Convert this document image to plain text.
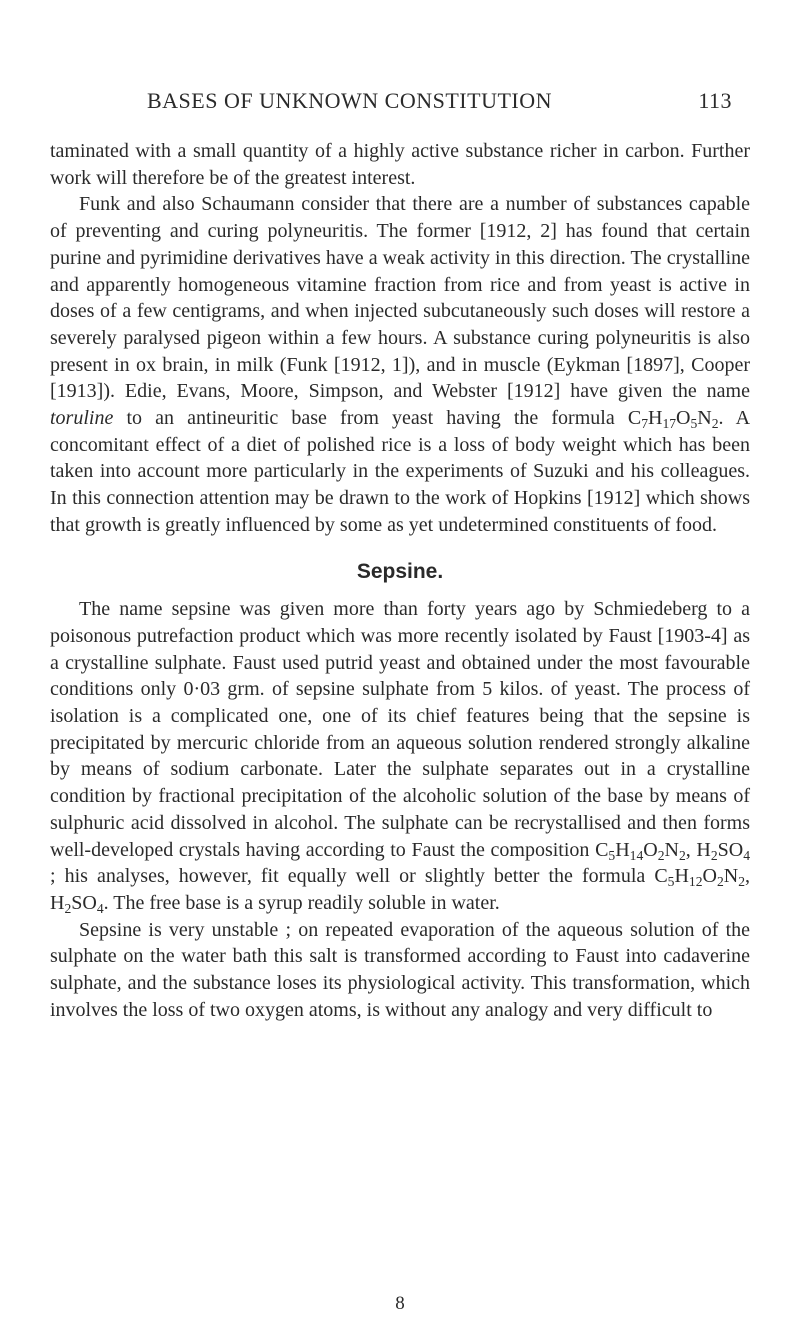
BASES OF UNKNOWN CONSTITUTION	113

taminated with a small quantity of a highly active substance richer in carbon. Further work will therefore be of the greatest interest.

Funk and also Schaumann consider that there are a number of substances capable of preventing and curing polyneuritis. The former [1912, 2] has found that certain purine and pyrimidine derivatives have a weak activity in this direction. The crystalline and apparently homogeneous vitamine fraction from rice and from yeast is active in doses of a few centigrams, and when injected subcutaneously such doses will restore a severely paralysed pigeon within a few hours. A substance curing polyneuritis is also present in ox brain, in milk (Funk [1912, 1]), and in muscle (Eykman [1897], Cooper [1913]). Edie, Evans, Moore, Simpson, and Webster [1912] have given the name toruline to an antineuritic base from yeast having the formula $C_7H_{17}O_5N_2$. A concomitant effect of a diet of polished rice is a loss of body weight which has been taken into account more particularly in the experiments of Suzuki and his colleagues. In this connection attention may be drawn to the work of Hopkins [1912] which shows that growth is greatly influenced by some as yet undetermined constituents of food.

Sepsine.

The name sepsine was given more than forty years ago by Schmiedeberg to a poisonous putrefaction product which was more recently isolated by Faust [1903-4] as a crystalline sulphate. Faust used putrid yeast and obtained under the most favourable conditions only 0·03 grm. of sepsine sulphate from 5 kilos. of yeast. The process of isolation is a complicated one, one of its chief features being that the sepsine is precipitated by mercuric chloride from an aqueous solution rendered strongly alkaline by means of sodium carbonate. Later the sulphate separates out in a crystalline condition by fractional precipitation of the alcoholic solution of the base by means of sulphuric acid dissolved in alcohol. The sulphate can be recrystallised and then forms well-developed crystals having according to Faust the composition $C_5H_{14}O_2N_2$, $H_2SO_4$ ; his analyses, however, fit equally well or slightly better the formula $C_5H_{12}O_2N_2$, $H_2SO_4$. The free base is a syrup readily soluble in water.

Sepsine is very unstable ; on repeated evaporation of the aqueous solution of the sulphate on the water bath this salt is transformed according to Faust into cadaverine sulphate, and the substance loses its physiological activity. This transformation, which involves the loss of two oxygen atoms, is without any analogy and very difficult to

8
